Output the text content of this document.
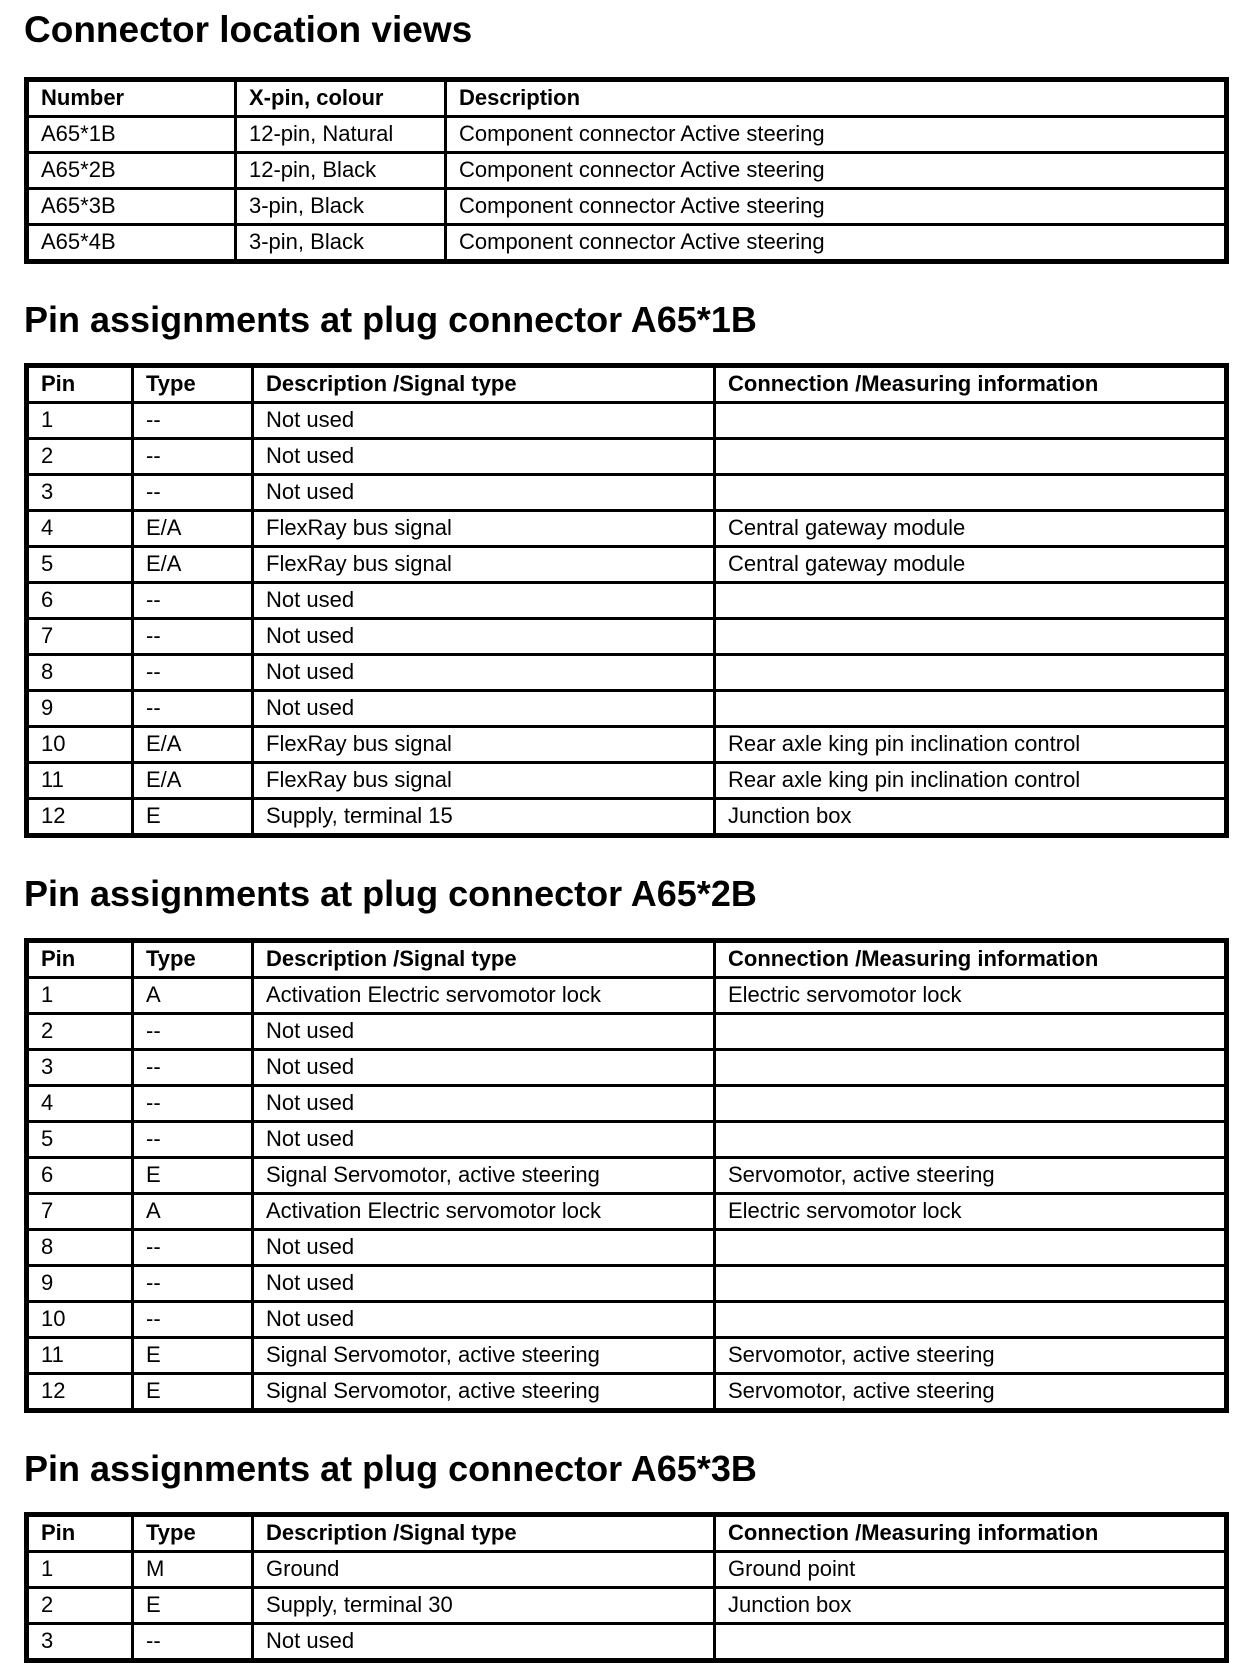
Connector location views
Number	X-pin, colour	Description
A65*1B	12-pin, Natural	Component connector Active steering
A65*2B	12-pin, Black	Component connector Active steering
A65*3B	3-pin, Black	Component connector Active steering
A65*4B	3-pin, Black	Component connector Active steering
Pin assignments at plug connector A65*1B
Pin	Type	Description /Signal type	Connection /Measuring information
1	--	Not used	
2	--	Not used	
3	--	Not used	
4	E/A	FlexRay bus signal	Central gateway module
5	E/A	FlexRay bus signal	Central gateway module
6	--	Not used	
7	--	Not used	
8	--	Not used	
9	--	Not used	
10	E/A	FlexRay bus signal	Rear axle king pin inclination control
11	E/A	FlexRay bus signal	Rear axle king pin inclination control
12	E	Supply, terminal 15	Junction box
Pin assignments at plug connector A65*2B
Pin	Type	Description /Signal type	Connection /Measuring information
1	A	Activation Electric servomotor lock	Electric servomotor lock
2	--	Not used	
3	--	Not used	
4	--	Not used	
5	--	Not used	
6	E	Signal Servomotor, active steering	Servomotor, active steering
7	A	Activation Electric servomotor lock	Electric servomotor lock
8	--	Not used	
9	--	Not used	
10	--	Not used	
11	E	Signal Servomotor, active steering	Servomotor, active steering
12	E	Signal Servomotor, active steering	Servomotor, active steering
Pin assignments at plug connector A65*3B
Pin	Type	Description /Signal type	Connection /Measuring information
1	M	Ground	Ground point
2	E	Supply, terminal 30	Junction box
3	--	Not used	
